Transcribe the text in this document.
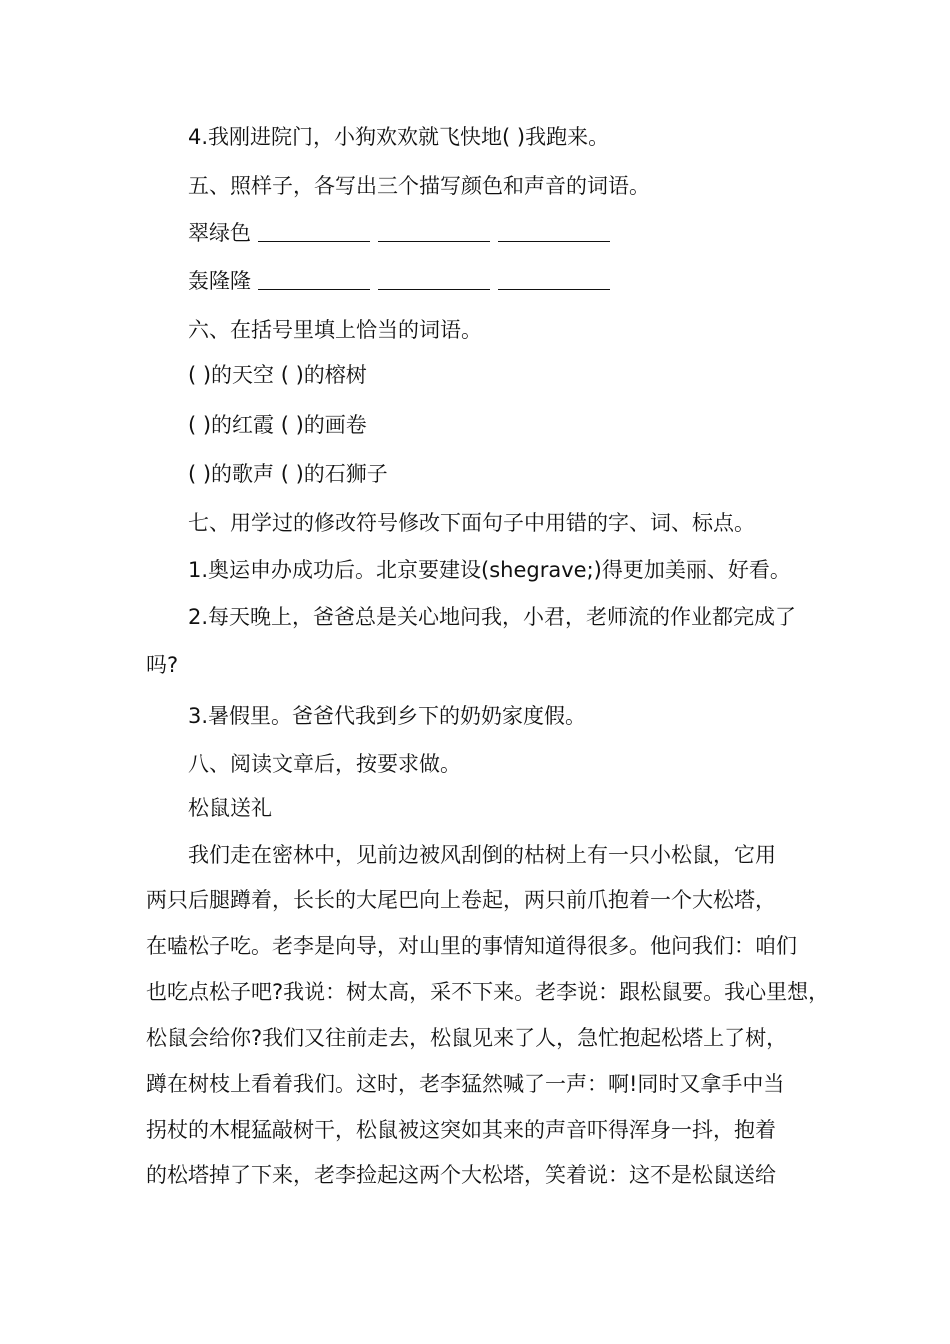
4.我刚进院门，小狗欢欢就飞快地( )我跑来。
五、照样子，各写出三个描写颜色和声音的词语。
翠绿色
轰隆隆
六、在括号里填上恰当的词语。
( )的天空 ( )的榕树
( )的红霞 ( )的画卷
( )的歌声 ( )的石狮子
七、用学过的修改符号修改下面句子中用错的字、词、标点。
1.奥运申办成功后。北京要建设(shegrave;)得更加美丽、好看。
2.每天晚上，爸爸总是关心地问我，小君，老师流的作业都完成了
吗?
3.暑假里。爸爸代我到乡下的奶奶家度假。
八、阅读文章后，按要求做。
松鼠送礼
我们走在密林中，见前边被风刮倒的枯树上有一只小松鼠，它用
两只后腿蹲着，长长的大尾巴向上卷起，两只前爪抱着一个大松塔，
在嗑松子吃。老李是向导，对山里的事情知道得很多。他问我们：咱们
也吃点松子吧?我说：树太高，采不下来。老李说：跟松鼠要。我心里想，
松鼠会给你?我们又往前走去，松鼠见来了人，急忙抱起松塔上了树，
蹲在树枝上看着我们。这时，老李猛然喊了一声：啊!同时又拿手中当
拐杖的木棍猛敲树干，松鼠被这突如其来的声音吓得浑身一抖，抱着
的松塔掉了下来，老李捡起这两个大松塔，笑着说：这不是松鼠送给
